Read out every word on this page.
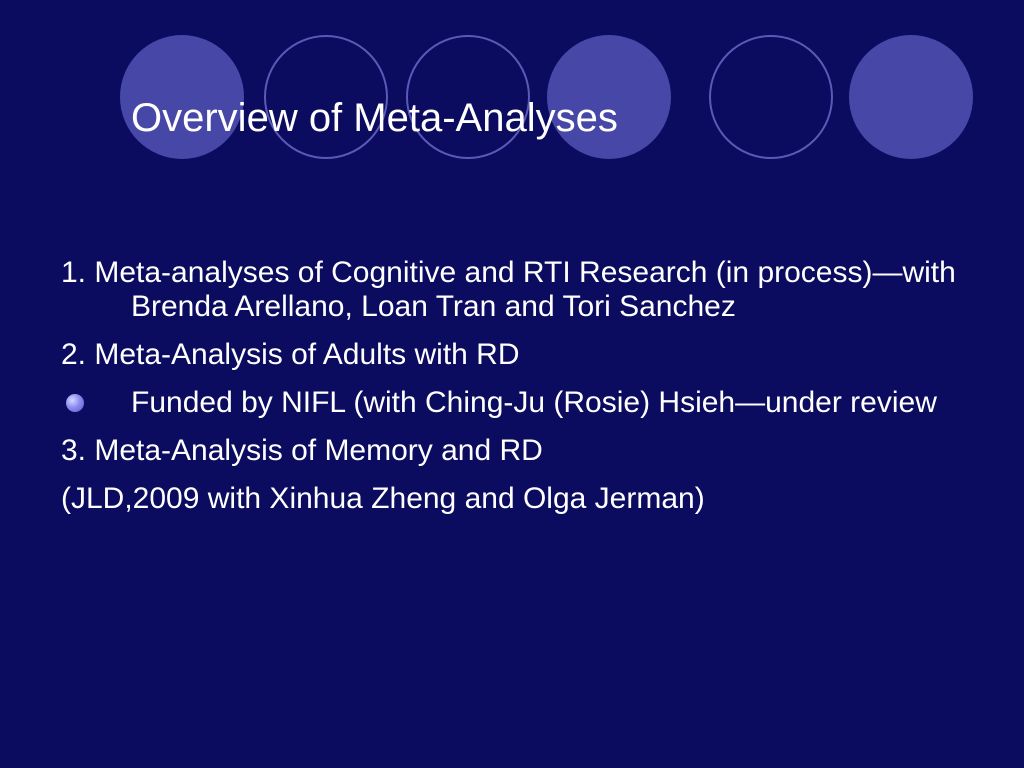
Overview of Meta-Analyses
1. Meta-analyses of Cognitive and RTI Research (in process)—with Brenda Arellano, Loan Tran and Tori Sanchez
2. Meta-Analysis of Adults with RD
Funded by NIFL (with Ching-Ju (Rosie) Hsieh—under review
3. Meta-Analysis of Memory and RD
(JLD,2009 with Xinhua Zheng and Olga Jerman)
